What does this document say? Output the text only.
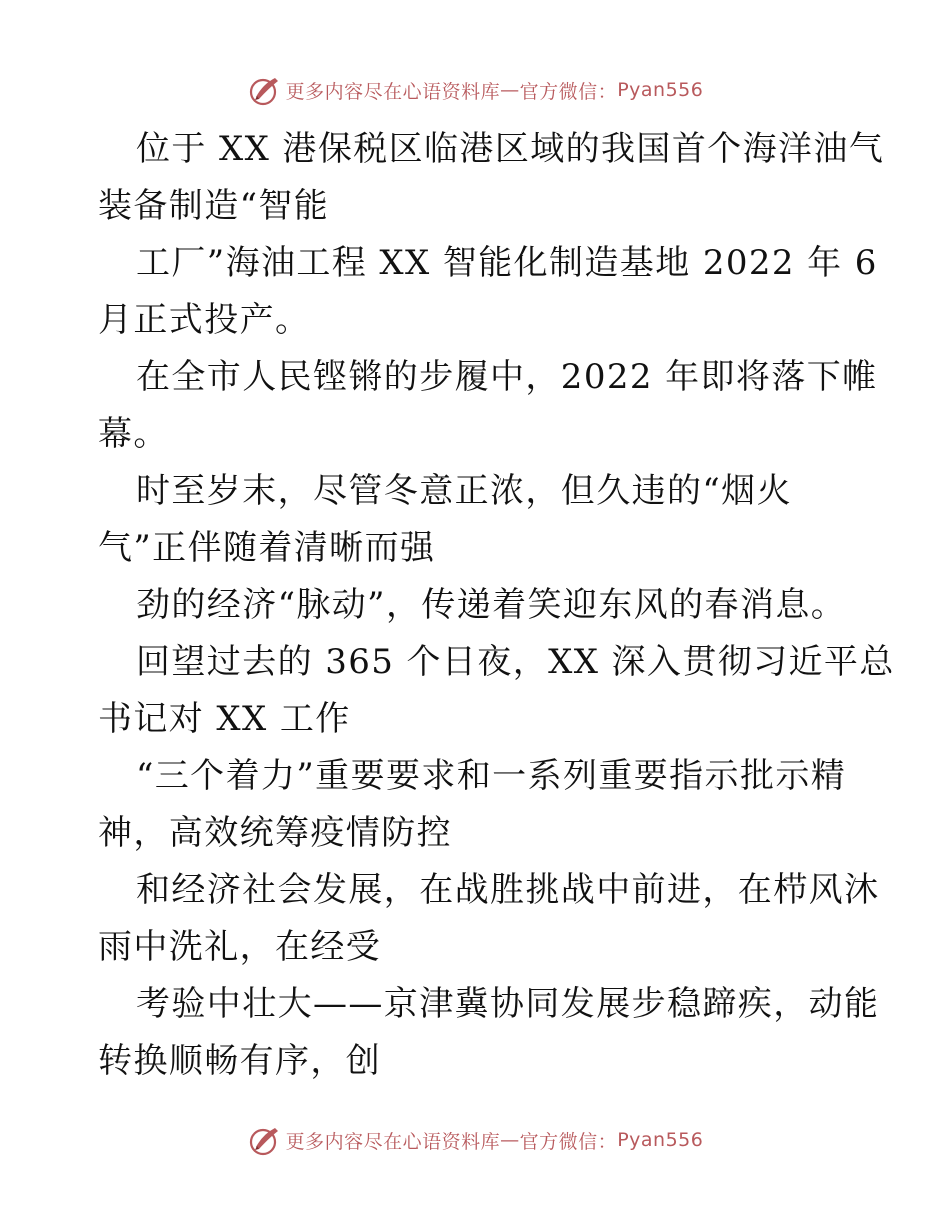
更多内容尽在心语资料库 — 官方微信： Pyan556
位于 XX 港保税区临港区域的我国首个海洋油气
装备制造“智能
工厂”海油工程 XX 智能化制造基地 2022 年 6
月正式投产。
在全市人民铿锵的步履中，2022 年即将落下帷
幕。
时至岁末，尽管冬意正浓，但久违的“烟火
气”正伴随着清晰而强
劲的经济“脉动”，传递着笑迎东风的春消息。
回望过去的 365 个日夜，XX 深入贯彻习近平总
书记对 XX 工作
“三个着力”重要要求和一系列重要指示批示精
神，高效统筹疫情防控
和经济社会发展，在战胜挑战中前进，在栉风沐
雨中洗礼，在经受
考验中壮大——京津冀协同发展步稳蹄疾，动能
转换顺畅有序，创
更多内容尽在心语资料库 — 官方微信： Pyan556
